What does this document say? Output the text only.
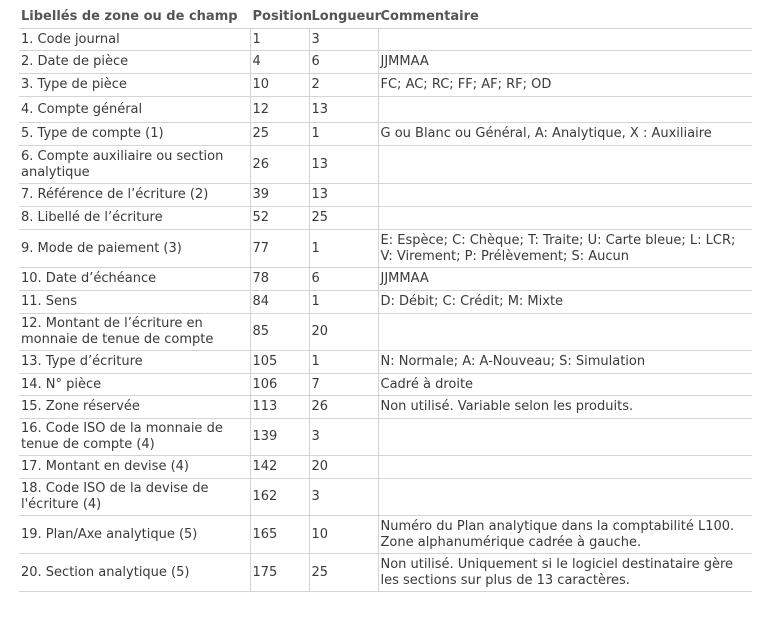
Libellés de zone ou de champ	Position	Longueur	Commentaire
1. Code journal	1	3	
2. Date de pièce	4	6	JJMMAA
3. Type de pièce	10	2	FC; AC; RC; FF; AF; RF; OD
4. Compte général	12	13	
5. Type de compte (1)	25	1	G ou Blanc ou Général, A: Analytique, X : Auxiliaire
6. Compte auxiliaire ou section analytique	26	13	
7. Référence de l’écriture (2)	39	13	
8. Libellé de l’écriture	52	25	
9. Mode de paiement (3)	77	1	E: Espèce; C: Chèque; T: Traite; U: Carte bleue; L: LCR; V: Virement; P: Prélèvement; S: Aucun
10. Date d’échéance	78	6	JJMMAA
11. Sens	84	1	D: Débit; C: Crédit; M: Mixte
12. Montant de l’écriture en monnaie de tenue de compte	85	20	
13. Type d’écriture	105	1	N: Normale; A: A-Nouveau; S: Simulation
14. N° pièce	106	7	Cadré à droite
15. Zone réservée	113	26	Non utilisé. Variable selon les produits.
16. Code ISO de la monnaie de tenue de compte (4)	139	3	
17. Montant en devise (4)	142	20	
18. Code ISO de la devise de l'écriture (4)	162	3	
19. Plan/Axe analytique (5)	165	10	Numéro du Plan analytique dans la comptabilité L100. Zone alphanumérique cadrée à gauche.
20. Section analytique (5)	175	25	Non utilisé. Uniquement si le logiciel destinataire gère les sections sur plus de 13 caractères.
